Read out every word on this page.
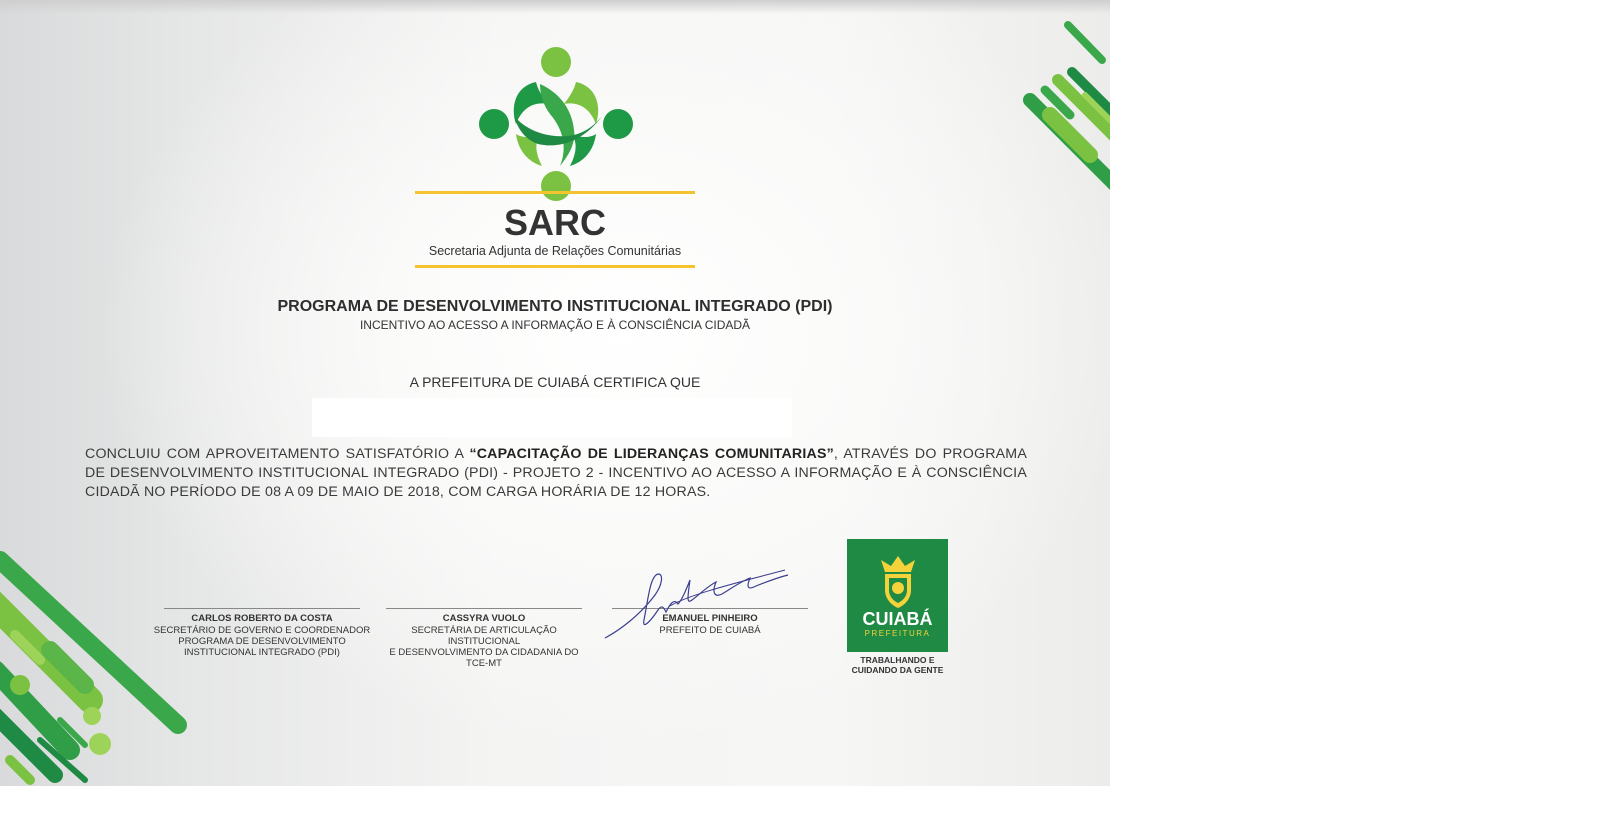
SARC
Secretaria Adjunta de Relações Comunitárias
PROGRAMA DE DESENVOLVIMENTO INSTITUCIONAL INTEGRADO (PDI)
INCENTIVO AO ACESSO A INFORMAÇÃO E À CONSCIÊNCIA CIDADÃ
A PREFEITURA DE CUIABÁ CERTIFICA QUE
CONCLUIU COM APROVEITAMENTO SATISFATÓRIO A “CAPACITAÇÃO DE LIDERANÇAS COMUNITARIAS”, ATRAVÉS DO PROGRAMA DE DESENVOLVIMENTO INSTITUCIONAL INTEGRADO (PDI) - PROJETO 2 - INCENTIVO AO ACESSO A INFORMAÇÃO E À CONSCIÊNCIA CIDADÃ NO PERÍODO DE 08 A 09 DE MAIO DE 2018, COM CARGA HORÁRIA DE 12 HORAS.
CARLOS ROBERTO DA COSTA
SECRETÁRIO DE GOVERNO E COORDENADOR
PROGRAMA DE DESENVOLVIMENTO
INSTITUCIONAL INTEGRADO (PDI)
CASSYRA VUOLO
SECRETÁRIA DE ARTICULAÇÃO INSTITUCIONAL
E DESENVOLVIMENTO DA CIDADANIA DO
TCE-MT
EMANUEL PINHEIRO
PREFEITO DE CUIABÁ
CUIABÁ
PREFEITURA
TRABALHANDO E
CUIDANDO DA GENTE
